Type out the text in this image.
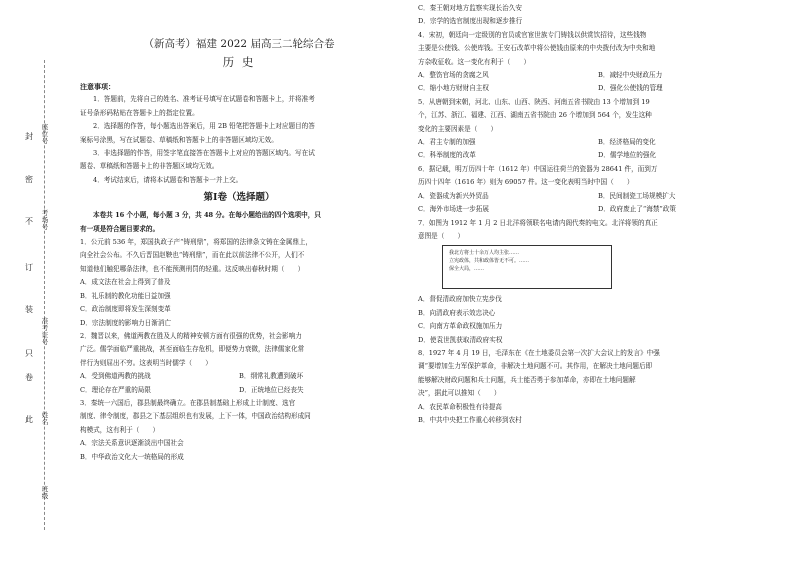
座位号
考场号
准考证号
姓名
班级
封
密
不
订
装
只
卷
此
（新高考）福建 2022 届高三二轮综合卷
历 史
注意事项：

1．答题前，先将自己的姓名、准考证号填写在试题卷和答题卡上，并将准考

证号条形码粘贴在答题卡上的指定位置。

2．选择题的作答，每小题选出答案后，用 2B 铅笔把答题卡上对应题目的答

案标号涂黑，写在试题卷、草稿纸和答题卡上的非答题区域均无效。

3．非选择题的作答，用签字笔直接答在答题卡上对应的答题区域内。写在试

题卷、草稿纸和答题卡上的非答题区域均无效。

4．考试结束后，请将本试题卷和答题卡一并上交。

第Ⅰ卷（选择题）

本卷共 16 个小题，每小题 3 分，共 48 分。在每小题给出的四个选项中，只

有一项是符合题目要求的。

1．公元前 536 年，郑国执政子产“铸刑鼎”，将郑国的法律条文铸在金属鼎上，

向全社会公布。不久后晋国赵鞅也“铸刑鼎”，而在此以前法律不公开，人们不

知道他们触犯哪条法律，也不能预测刑罚的轻重。这反映出春秋时期（　　）

A．成文法在社会上得到了普及

B．礼乐制的教化功能日益加强

C．政治制度即将发生深刻变革

D．宗法制度的影响力日渐消亡

2．魏晋以来，佛道两教在胜及人的精神安顿方面有很强的优势，社会影响力

广泛。儒学面临严重挑战，甚至面临生存危机，即便势力衰微，法律儒家化常

伴行为则屈出不穷。这表明当时儒学（　　）

A．受到佛道两教的挑战	B．纲常礼教遭到破坏
C．理论存在严重的局限	D．正统地位已经丧失

3．秦统一六国后，郡县制最终确立。在郡县制基础上形成上计制度、选官

制度、律令制度，郡县之下基层组织也有发展，上下一体，中国政治结构形成同

构模式，这有利于（　　）

A．宗法关系意识逐渐淡出中国社会

B．中华政治文化大一统格局的形成

C．秦王朝对地方监察实现长治久安

D．宗学的选官制度出现和逐步推行

4．宋初，朝廷向一定级别的官员或官宦世族专门铸钱以供赏饮招待，这些钱物

主要是公使钱、公使库钱。王安石改革中将公使钱由原来的中央拨付改为中央和地

方杂收征收。这一变化有利于（　　）

A．整饬官场的贪腐之风	B．减轻中央财政压力
C．缩小地方财财自主权	D．强化公使钱的管理

5．从唐朝到宋朝，河北、山东、山西、陕西、河南五省书院由 13 个增加到 19

个，江苏、浙江、福建、江西、湖南五省书院由 26 个增加到 564 个，发生这种

变化的主要因素是（　　）

A．君主专制的加强	B．经济格局的变化
C．科举制度的改革	D．儒学地位的强化

6．据记载，明万历四十年（1612 年）中国运往荷兰的瓷器为 28641 件，而到万

历四十四年（1616 年）则为 69057 件。这一变化表明当时中国（　　）

A．瓷器成为新兴外贸品	B．民间制瓷工场规模扩大
C．海外市场进一步拓展	D．政府废止了“海禁”政策

7．如图为 1912 年 1 月 2 日北洋将领联名电请内阁代奏的电文。北洋将领的真正

意图是（　　）

我北方将士十余万人均主张……
立宪政体，共和政体皆无不可。……
保全大局，……

A．督促清政府加快立宪步伐

B．向清政府表示效忠决心

C．向南方革命政权施加压力

D．使袁世凯获取清政府实权

8．1927 年 4 月 19 日，毛泽东在《在土地委员会第一次扩大会议上的发言》中强

调“要增加生力军保护革命，非解决土地问题不可。其作用，在解决土地问题后即

能够解决财政问题和兵士问题，兵士能否勇于参加革命，亦即在土地问题解

决”，据此可以推知（　　）

A．农民革命积极性有待提高

B．中共中央把工作重心转移到农村
